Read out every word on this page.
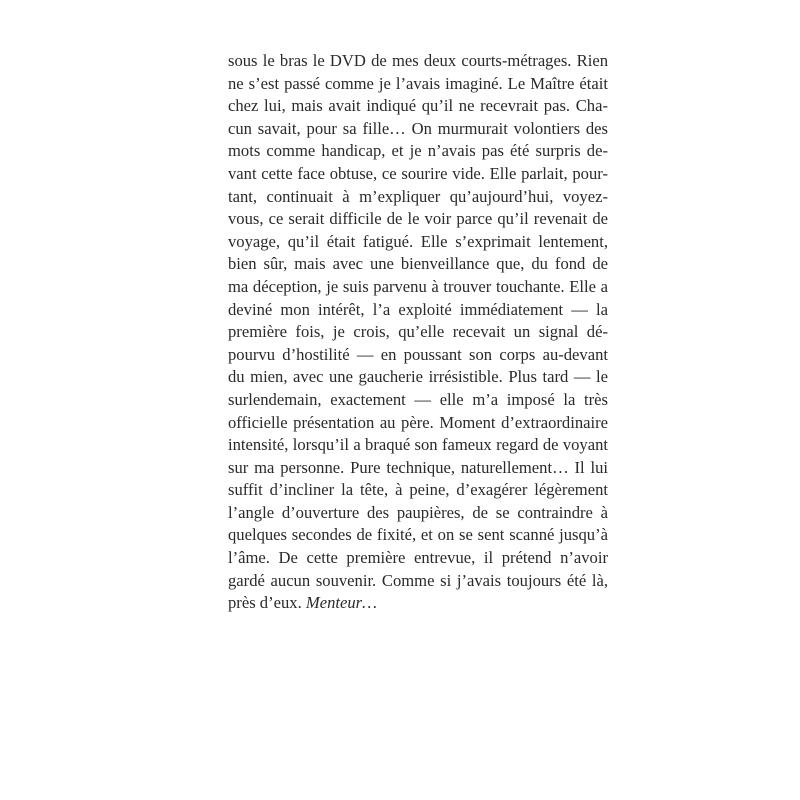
sous le bras le DVD de mes deux courts-métrages. Rien
ne s’est passé comme je l’avais imaginé. Le Maître était
chez lui, mais avait indiqué qu’il ne recevrait pas. Cha-
cun savait, pour sa fille… On murmurait volontiers des
mots comme handicap, et je n’avais pas été surpris de-
vant cette face obtuse, ce sourire vide. Elle parlait, pour-
tant, continuait à m’expliquer qu’aujourd’hui, voyez-
vous, ce serait difficile de le voir parce qu’il revenait de
voyage, qu’il était fatigué. Elle s’exprimait lentement,
bien sûr, mais avec une bienveillance que, du fond de
ma déception, je suis parvenu à trouver touchante. Elle a
deviné mon intérêt, l’a exploité immédiatement — la
première fois, je crois, qu’elle recevait un signal dé-
pourvu d’hostilité — en poussant son corps au-devant
du mien, avec une gaucherie irrésistible. Plus tard — le
surlendemain, exactement — elle m’a imposé la très
officielle présentation au père. Moment d’extraordinaire
intensité, lorsqu’il a braqué son fameux regard de voyant
sur ma personne. Pure technique, naturellement… Il lui
suffit d’incliner la tête, à peine, d’exagérer légèrement
l’angle d’ouverture des paupières, de se contraindre à
quelques secondes de fixité, et on se sent scanné jusqu’à
l’âme. De cette première entrevue, il prétend n’avoir
gardé aucun souvenir. Comme si j’avais toujours été là,
près d’eux. Menteur…
